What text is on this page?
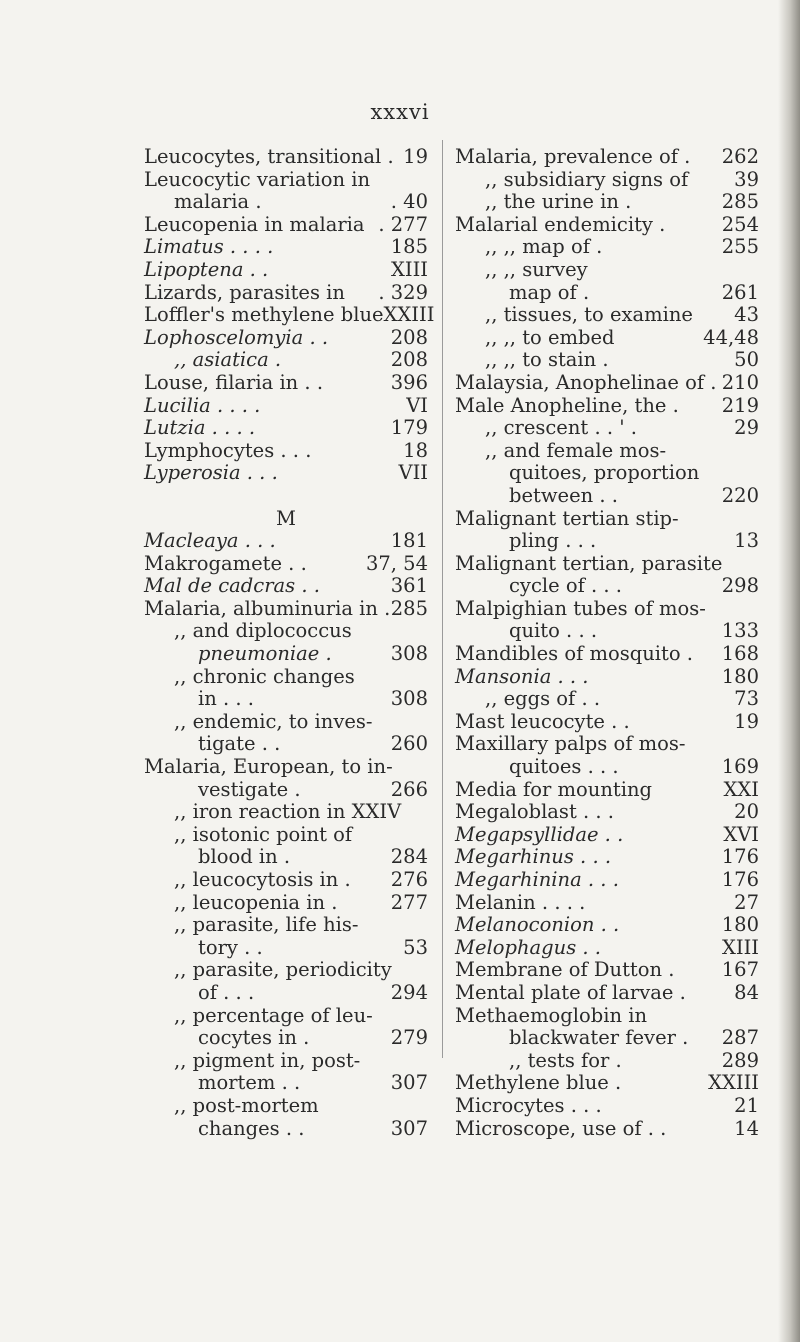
xxxvi
Leucocytes, transitional . 19
Leucocytic variation in
malaria .	. 40
Leucopenia in malaria . 277
Limatus . . . .	185
Lipoptena . .	XIII
Lizards, parasites in . 329
Loffler's methylene blue XXIII
Lophoscelomyia . .	208
,, asiatica .	208
Louse, filaria in . .	396
Lucilia . . . .	VI
Lutzia . . . .	179
Lymphocytes . . .	18
Lyperosia . . .	VII
M
Macleaya . . .	181
Makrogamete . .	37, 54
Mal de cadcras . .	361
Malaria, albuminuria in . 285
,, and diplococcus
pneumoniae .	308
,, chronic changes
in . . .	308
,, endemic, to inves-
tigate . .	260
Malaria, European, to in-
vestigate .	266
,, iron reaction in XXIV
,, isotonic point of
blood in .	284
,, leucocytosis in . 276
,, leucopenia in .	277
,, parasite, life his-
tory . .	53
,, parasite, periodicity
of . . .	294
,, percentage of leu-
cocytes in .	279
,, pigment in, post-
mortem . .	307
,, post-mortem
changes . .	307
Malaria, prevalence of . 262
,, subsidiary signs of 39
,, the urine in .	285
Malarial endemicity .	254
,, ,, map of .	255
,, ,, survey
map of .	261
,, tissues, to examine 43
,, ,, to embed	44,48
,, ,, to stain .	50
Malaysia, Anophelinae of . 210
Male Anopheline, the . 219
,, crescent . . ' .	29
,, and female mos-
quitoes, proportion
between . .	220
Malignant tertian stip-
pling . . .	13
Malignant tertian, parasite
cycle of . . .	298
Malpighian tubes of mos-
quito . . .	133
Mandibles of mosquito . 168
Mansonia . . .	180
,, eggs of . .	73
Mast leucocyte . .	19
Maxillary palps of mos-
quitoes . . .	169
Media for mounting	XXI
Megaloblast . . .	20
Megapsyllidae . .	XVI
Megarhinus . . .	176
Megarhinina . . .	176
Melanin . . . .	27
Melanoconion . .	180
Melophagus . .	XIII
Membrane of Dutton . 167
Mental plate of larvae . 84
Methaemoglobin in
blackwater fever . 287
,, tests for .	289
Methylene blue .	XXIII
Microcytes . . .	21
Microscope, use of . .	14
